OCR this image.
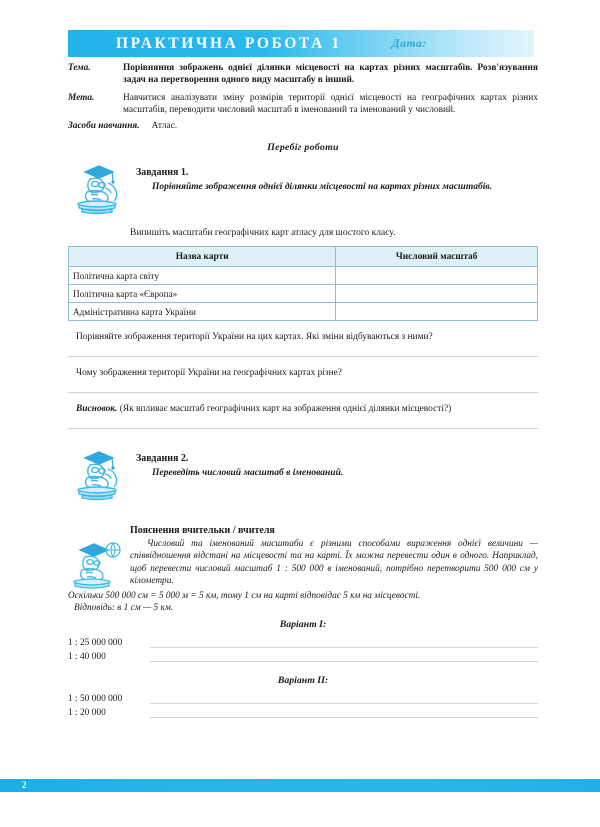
ПРАКТИЧНА РОБОТА 1	Дата:
Тема.	Порівняння зображень однієї ділянки місцевості на картах різних масштабів. Розв'язування задач на перетворення одного виду масштабу в інший.
Мета.	Навчитися аналізувати зміну розмірів території однієї місцевості на географічних картах різних масштабів, переводити числовий масштаб в іменований та іменований у числовий.
Засоби навчання. Атлас.
Перебіг роботи
Завдання 1.
Порівняйте зображення однієї ділянки місцевості на картах різних масштабів.
Випишіть масштаби географічних карт атласу для шостого класу.
Назва карти	Числовий масштаб
Політична карта світу	
Політична карта «Європа»	
Адміністративна карта України	
Порівняйте зображення території України на цих картах. Які зміни відбуваються з ними?
Чому зображення території України на географічних картах різне?
Висновок. (Як впливає масштаб географічних карт на зображення однієї ділянки місцевості?)
Завдання 2.
Переведіть числовий масштаб в іменований.
Пояснення вчительки / вчителя
Числовий та іменований масштаби є різними способами вираження однієї величини — співвідношення відстані на місцевості та на карті. Їх можна перевести один в одного. Наприклад, щоб перевести числовий масштаб 1 : 500 000 в іменований, потрібно перетворити 500 000 см у кілометри.
Оскільки 500 000 см = 5 000 м = 5 км, тому 1 см на карті відповідає 5 км на місцевості.
Відповідь: в 1 см — 5 км.
Варіант I:
1 : 25 000 000
1 : 40 000
Варіант II:
1 : 50 000 000
1 : 20 000
2
